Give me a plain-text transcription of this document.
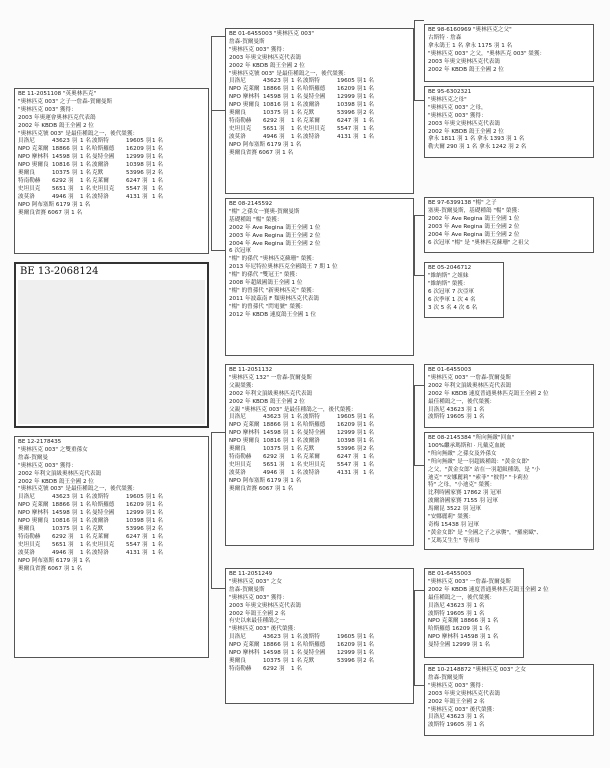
BE 11-2051108 "英奧林匹克"
"奧林匹克 003" 之子一詹森-賀爾曼斯
"奧林匹克 003" 獲得：
2003 年奧運會奧林匹克代表鴿
2002 年 KBDB 鴿王全國 2 位
"奧林匹克號 003" 是最佳種鴿之一，後代榮獲：
貝洛尼	43623 羽 1 名 波斯特	19605 羽 1 名
NPO 克萊爾 18866 羽 1 名 哈斯羅德	16209 羽 1 名
NPO 摩林科 14598 羽 1 名 曼特全國	12999 羽 1 名
NPO 奧爾良 10816 羽 1 名 波爾洛	10398 羽 1 名
奧爾良	10375 羽 1 名 克默	53996 羽 2 名
特南勒赫	6292 羽	1 名 克萊爾	6247 羽 1 名
史坦貝克	5651 羽	1 名 史坦貝克	5547 羽 1 名
波莫洛	4946 羽	1 名 波特洛	4131 羽 1 名
NPO 阿布塞斯 6179 羽 1 名
奧爾良省賽 6067 羽 1 名
BE 13-2068124
BE 12-2178435
"奧林匹克 003" 之雙重孫女
詹森-賀爾曼
"奧林匹克 003" 獲得：
2002 年利文頂級奧林匹克代表鴿
2002 年 KBDB 鴿王全國 2 位
"奧林匹克號 003" 是最佳種鴿之一，後代榮獲：
貝洛尼	43623 羽 1 名 波斯特	19605 羽 1 名
NPO 克萊爾 18866 羽 1 名 哈斯羅德	16209 羽 1 名
NPO 摩林科 14598 羽 1 名 曼特全國	12999 羽 1 名
NPO 奧爾良 10816 羽 1 名 波爾洛	10398 羽 1 名
奧爾良	10375 羽 1 名 克默	53996 羽 2 名
特南勒赫	6292 羽	1 名 克萊爾	6247 羽 1 名
史坦貝克	5651 羽	1 名 史坦貝克	5547 羽 1 名
波莫洛	4946 羽	1 名 波特洛	4131 羽 1 名
NPO 阿布塞斯 6179 羽 1 名
奧爾良省賽 6067 羽 1 名
BE 01-6455003 "奧林匹克 003"
詹森-賀爾曼斯
"奧林匹克 003" 獲得：
2003 年奧文奧林匹克代表鴿
2002 年 KBDB 鴿王全國 2 位
"奧林匹克號 003" 是最佳種鴿之一，後代榮獲：
貝洛尼	43623 羽 1 名 波斯特	19605 羽 1 名
NPO 克萊爾 18866 羽 1 名 哈斯羅德	16209 羽 1 名
NPO 摩林科 14598 羽 1 名 曼特全國	12999 羽 1 名
NPO 奧爾良 10816 羽 1 名 波爾洛	10398 羽 1 名
奧爾良	10375 羽 1 名 克默	53996 羽 2 名
特南勒赫	6292 羽	1 名 克萊爾	6247 羽 1 名
史坦貝克	5651 羽	1 名 史坦貝克	5547 羽 1 名
波莫洛	4946 羽	1 名 波特洛	4131 羽 1 名
NPO 阿布塞斯 6179 羽 1 名
奧爾良省賽 6067 羽 1 名
BE 08-2145592
"楊" 之孫女一賽奧-賀爾曼斯
基礎種鴿 "楊" 榮獲：
2002 年 Ave Regina 鴿王全國 1 位
2003 年 Ave Regina 鴿王全國 2 位
2004 年 Ave Regina 鴿王全國 2 位
6 次冠軍
"楊" 的孫代 "奧林匹克蘇珊" 榮獲：
2013 年尼特拉奧林匹克全國鴿王 7 期 1 位
"楊" 的孫代 "雙冠王" 榮獲：
2008 年超級國鴿王全國 1 位
"楊" 的曾孫代 "新奧林匹克" 榮獲：
2011 年波茲南 F 類奧林匹克代表鴿
"楊" 的曾孫代 "閃電號" 榮獲：
2012 年 KBDB 速度鴿王全國 1 位
BE 11-2051132
"奧林匹克 132" 一詹森-賀爾曼斯
父親榮獲：
2002 年利文頂級奧林匹克代表鴿
2002 年 KBDB 鴿王全國 2 位
父親 "奧林匹克 003" 是最佳種鴿之一，後代榮獲：
貝洛尼	43623 羽 1 名 波斯特	19605 羽 1 名
NPO 克萊爾 18866 羽 1 名 哈斯羅德	16209 羽 1 名
NPO 摩林科 14598 羽 1 名 曼特全國	12999 羽 1 名
NPO 奧爾良 10816 羽 1 名 波爾洛	10398 羽 1 名
奧爾良	10375 羽 1 名 克默	53996 羽 2 名
特南勒赫	6292 羽	1 名 克萊爾	6247 羽 1 名
史坦貝克	5651 羽	1 名 史坦貝克	5547 羽 1 名
波莫洛	4946 羽	1 名 波特洛	4131 羽 1 名
NPO 阿布塞斯 6179 羽 1 名
奧爾良省賽 6067 羽 1 名
BE 11-2051249
"奧林匹克 003" 之女
詹森-賀爾曼斯
"奧林匹克 003" 獲得：
2003 年奧文奧林匹克代表鴿
2002 年鴿王全國 2 名
有史以來最佳種鴿之一
"奧林匹克 003" 後代榮獲：
貝洛尼	43623 羽 1 名 波斯特	19605 羽 1 名
NPO 克萊爾 18866 羽 1 名 哈斯羅德	16209 羽 1 名
NPO 摩林科 14598 羽 1 名 曼特全國	12999 羽 1 名
奧爾良	10375 羽 1 名 克默	53996 羽 2 名
特南勒赫	6292 羽	1 名
BE 98-6160969 "奧林匹克之父"
古斯特 · 詹森
拿永鴿王 1 名 拿永 1175 羽 1 名
"奧林匹克 003" 之父，"奧林匹克 003" 榮獲：
2003 年奧文奧林匹克代表鴿
2002 年 KBDB 鴿王全國 2 位
BE 95-6302321
"奧林匹克之母"
"奧林匹克 003" 之母，
"奧林匹克 003" 獲得：
2003 年奧文奧林匹克代表鴿
2002 年 KBDB 鴿王全國 2 位
拿永 1811 羽 1 名 拿永 1393 羽 1 名
勒夫爾 290 羽 1 名 拿永 1242 羽 2 名
BE 97-6399138 "楊" 之子
塞奧-賀爾曼斯，基礎種鴿 "楊" 榮獲：
2002 年 Ave Regina 鴿王全國 1 位
2003 年 Ave Regina 鴿王全國 2 位
2004 年 Ave Regina 鴿王全國 2 位
6 次冠軍 "楊" 是 "奧林匹克蘇珊" 之祖父
BE 05-2046712
"維納斯" 之姐妹
"維納斯" 榮獲：
6 次冠軍 7 次亞軍
6 次季軍 1 次 4 名
3 次 5 名 4 次 6 名
BE 01-6455003
"奧林匹克 003" 一詹森-賀爾曼斯
2002 年利文頂級奧林匹克代表鴿
2002 年 KBDB 速度普通奧林匹克鴿王全國 2 位
最佳種鴿之一，後代榮獲：
貝洛尼 43623 羽 1 名
波斯特 19605 羽 1 名
BE 08-2145384 "所向無敵"回血"
100%繼承瑪斯和 · 凡戴克血統
"所向無敵" 之孫女及外孫女
"所向無敵" 是一羽超級種鴿："黃金女郎"
之父，"黃金女郎" 站在一羽超級種鴿，是 "小
迪克" "安娜麗莉" "索菲" "彼得" "卡莉拉
特" 之母，"小迪克" 榮獲：
比利時國家賽 17862 羽 冠軍
波爾洛國家賽 7155 羽 冠軍
馬爾昆 3522 羽 冠軍
"安娜麗莉" 榮獲：
奇梅 15438 羽 冠軍
"黃金女郎" 是 "全國之子之承襲"，"羅密歐"、
"艾瑪艾生生" 等祖母
BE 01-6455003
"奧林匹克 003" 一詹森-賀爾曼斯
2002 年 KBDB 速度普通奧林匹克鴿王全國 2 位
最佳種鴿之一，後代榮獲：
貝洛尼 43623 羽 1 名
波斯特 19605 羽 1 名
NPO 克萊爾 18866 羽 1 名
哈斯羅德 16209 羽 1 名
NPO 摩林科 14598 羽 1 名
曼特全國 12999 羽 1 名
BE 10-2148872 "奧林匹克 003" 之女
詹森-賀爾曼斯
"奧林匹克 003" 獲得：
2003 年奧文奧林匹克代表鴿
2002 年鴿王全國 2 名
"奧林匹克 003" 後代榮獲：
貝洛尼 43623 羽 1 名
波斯特 19605 羽 1 名
